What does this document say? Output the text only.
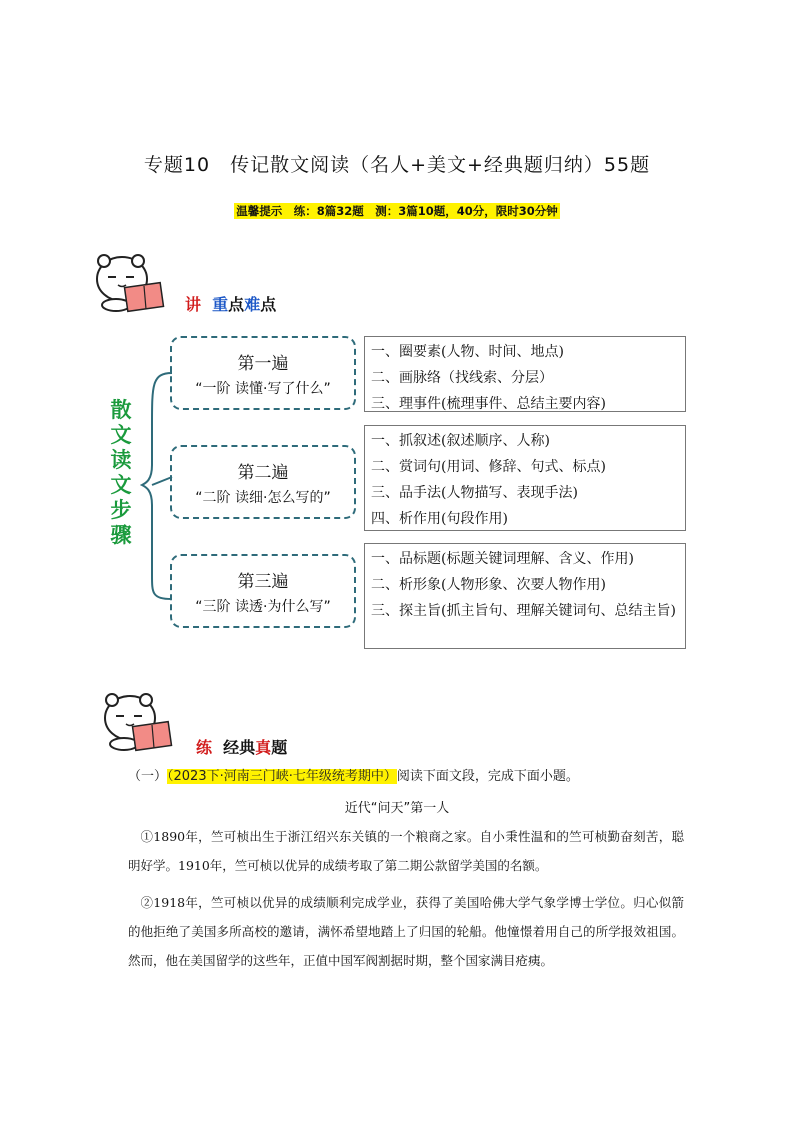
专题10　传记散文阅读（名人+美文+经典题归纳）55题
温馨提示　练：8篇32题　测：3篇10题，40分，限时30分钟
讲 重点难点
散
文
读
文
步
骤
第一遍
“一阶 读懂·写了什么”
第二遍
“二阶 读细·怎么写的”
第三遍
“三阶 读透·为什么写”
一、圈要素(人物、时间、地点)
二、画脉络（找线索、分层）
三、理事件(梳理事件、总结主要内容)
一、抓叙述(叙述顺序、人称)
二、赏词句(用词、修辞、句式、标点)
三、品手法(人物描写、表现手法)
四、析作用(句段作用)
一、品标题(标题关键词理解、含义、作用)
二、析形象(人物形象、次要人物作用)
三、探主旨(抓主旨句、理解关键词句、总结主旨)
练 经典真题
（一）（2023下·河南三门峡·七年级统考期中）阅读下面文段，完成下面小题。
近代“问天”第一人
①1890年，竺可桢出生于浙江绍兴东关镇的一个粮商之家。自小秉性温和的竺可桢勤奋刻苦，聪明好学。1910年，竺可桢以优异的成绩考取了第二期公款留学美国的名额。
②1918年，竺可桢以优异的成绩顺利完成学业，获得了美国哈佛大学气象学博士学位。归心似箭的他拒绝了美国多所高校的邀请，满怀希望地踏上了归国的轮船。他憧憬着用自己的所学报效祖国。然而，他在美国留学的这些年，正值中国军阀割据时期，整个国家满目疮痍。
